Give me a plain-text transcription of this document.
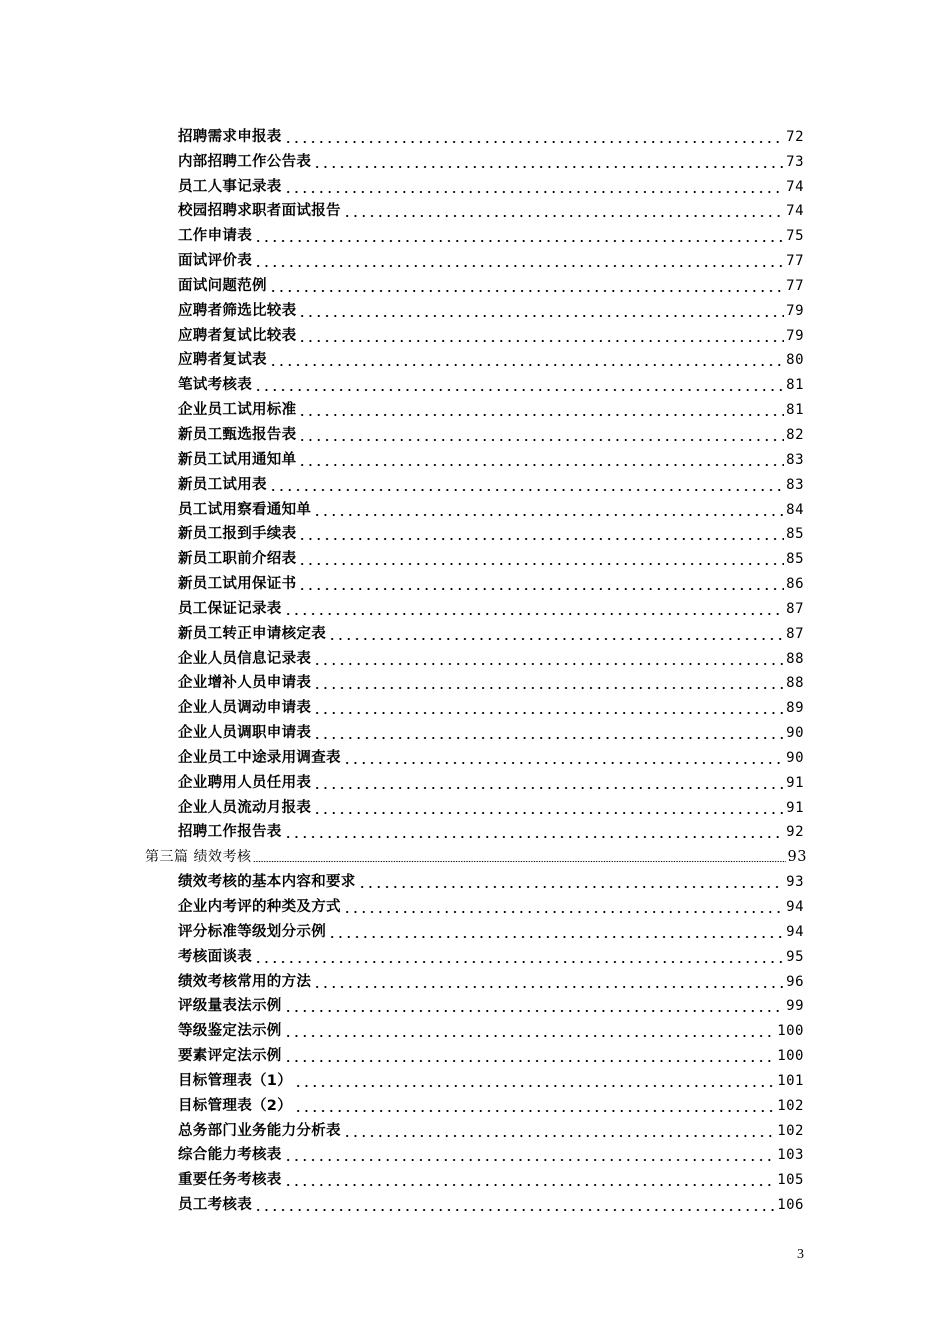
招聘需求申报表	72
内部招聘工作公告表	73
员工人事记录表	74
校园招聘求职者面试报告	74
工作申请表	75
面试评价表	77
面试问题范例	77
应聘者筛选比较表	79
应聘者复试比较表	79
应聘者复试表	80
笔试考核表	81
企业员工试用标准	81
新员工甄选报告表	82
新员工试用通知单	83
新员工试用表	83
员工试用察看通知单	84
新员工报到手续表	85
新员工职前介绍表	85
新员工试用保证书	86
员工保证记录表	87
新员工转正申请核定表	87
企业人员信息记录表	88
企业增补人员申请表	88
企业人员调动申请表	89
企业人员调职申请表	90
企业员工中途录用调查表	90
企业聘用人员任用表	91
企业人员流动月报表	91
招聘工作报告表	92
第三篇 绩效考核	93
绩效考核的基本内容和要求	93
企业内考评的种类及方式	94
评分标准等级划分示例	94
考核面谈表	95
绩效考核常用的方法	96
评级量表法示例	99
等级鉴定法示例	100
要素评定法示例	100
目标管理表（1）	101
目标管理表（2）	102
总务部门业务能力分析表	102
综合能力考核表	103
重要任务考核表	105
员工考核表	106
3
